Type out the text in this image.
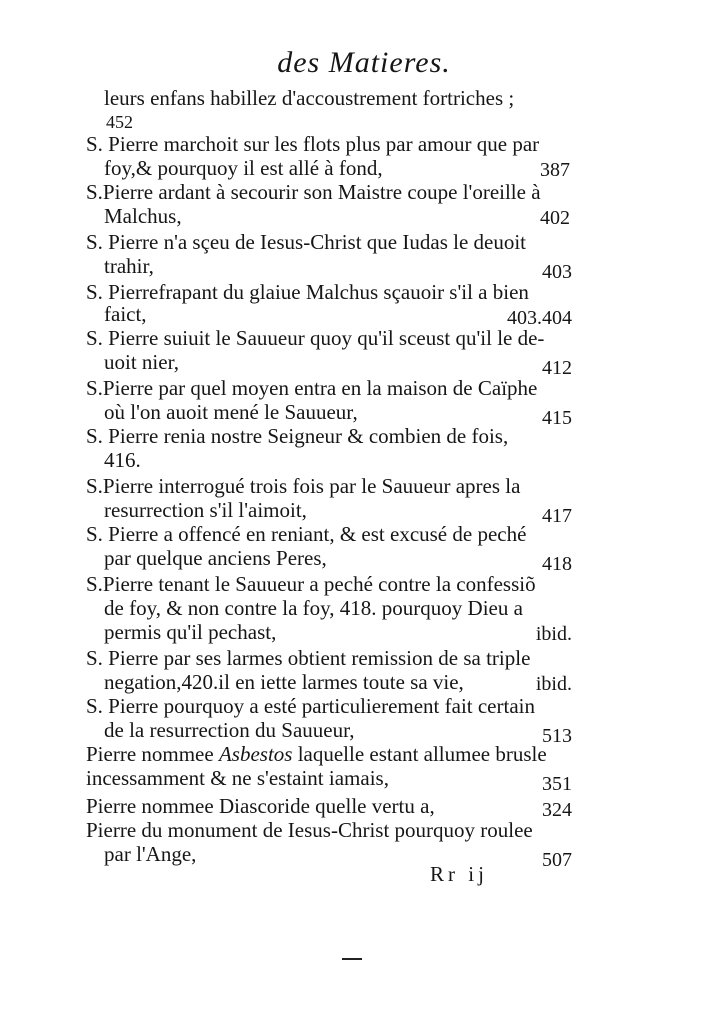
des Matieres.
leurs enfans habillez d'accoustrement fortriches ;
452
S. Pierre marchoit sur les flots plus par amour que par
foy,& pourquoy il est allé à fond,	387
S.Pierre ardant à secourir son Maistre coupe l'oreille à
Malchus,	402
S. Pierre n'a sçeu de Iesus-Christ que Iudas le deuoit
trahir,	403
S. Pierrefrapant du glaiue Malchus sçauoir s'il a bien
faict,	403.404
S. Pierre suiuit le Sauueur quoy qu'il sceust qu'il le de-
uoit nier,	412
S.Pierre par quel moyen entra en la maison de Caïphe
où l'on auoit mené le Sauueur,	415
S. Pierre renia nostre Seigneur & combien de fois,
416.
S.Pierre interrogué trois fois par le Sauueur apres la
resurrection s'il l'aimoit,	417
S. Pierre a offencé en reniant, & est excusé de peché
par quelque anciens Peres,	418
S.Pierre tenant le Sauueur a peché contre la confessiõ
de foy, & non contre la foy, 418. pourquoy Dieu a
permis qu'il pechast,	ibid.
S. Pierre par ses larmes obtient remission de sa triple
negation,420.il en iette larmes toute sa vie,	ibid.
S. Pierre pourquoy a esté particulierement fait certain
de la resurrection du Sauueur,	513
Pierre nommee Asbestos laquelle estant allumee brusle
incessamment & ne s'estaint iamais,	351
Pierre nommee Diascoride quelle vertu a,	324
Pierre du monument de Iesus-Christ pourquoy roulee
par l'Ange,	507
Rr ij
